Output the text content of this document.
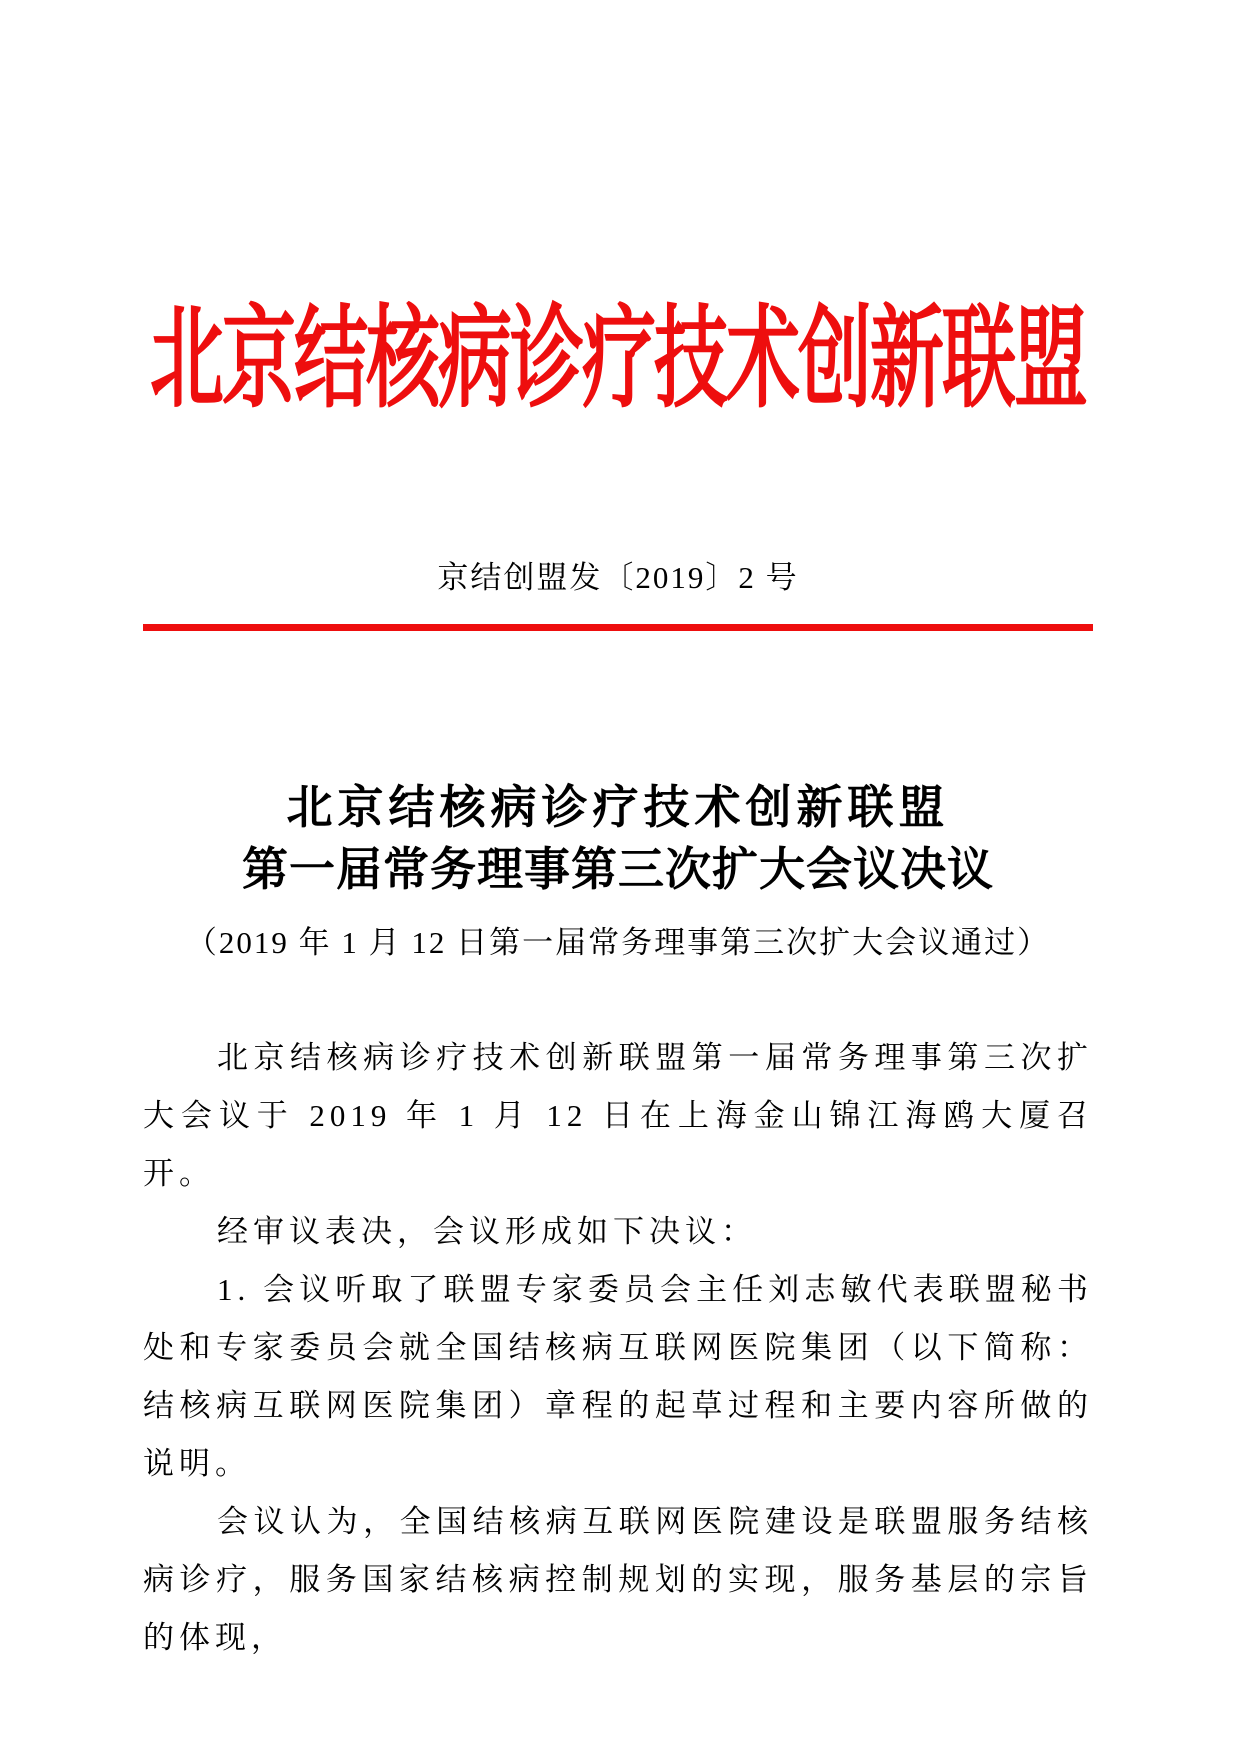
北京结核病诊疗技术创新联盟
京结创盟发〔2019〕2 号
北京结核病诊疗技术创新联盟
第一届常务理事第三次扩大会议决议
（2019 年 1 月 12 日第一届常务理事第三次扩大会议通过）

北京结核病诊疗技术创新联盟第一届常务理事第三次扩大会议于 2019 年 1 月 12 日在上海金山锦江海鸥大厦召开。

经审议表决，会议形成如下决议：

1. 会议听取了联盟专家委员会主任刘志敏代表联盟秘书处和专家委员会就全国结核病互联网医院集团（以下简称：结核病互联网医院集团）章程的起草过程和主要内容所做的说明。

会议认为，全国结核病互联网医院建设是联盟服务结核病诊疗，服务国家结核病控制规划的实现，服务基层的宗旨的体现，
